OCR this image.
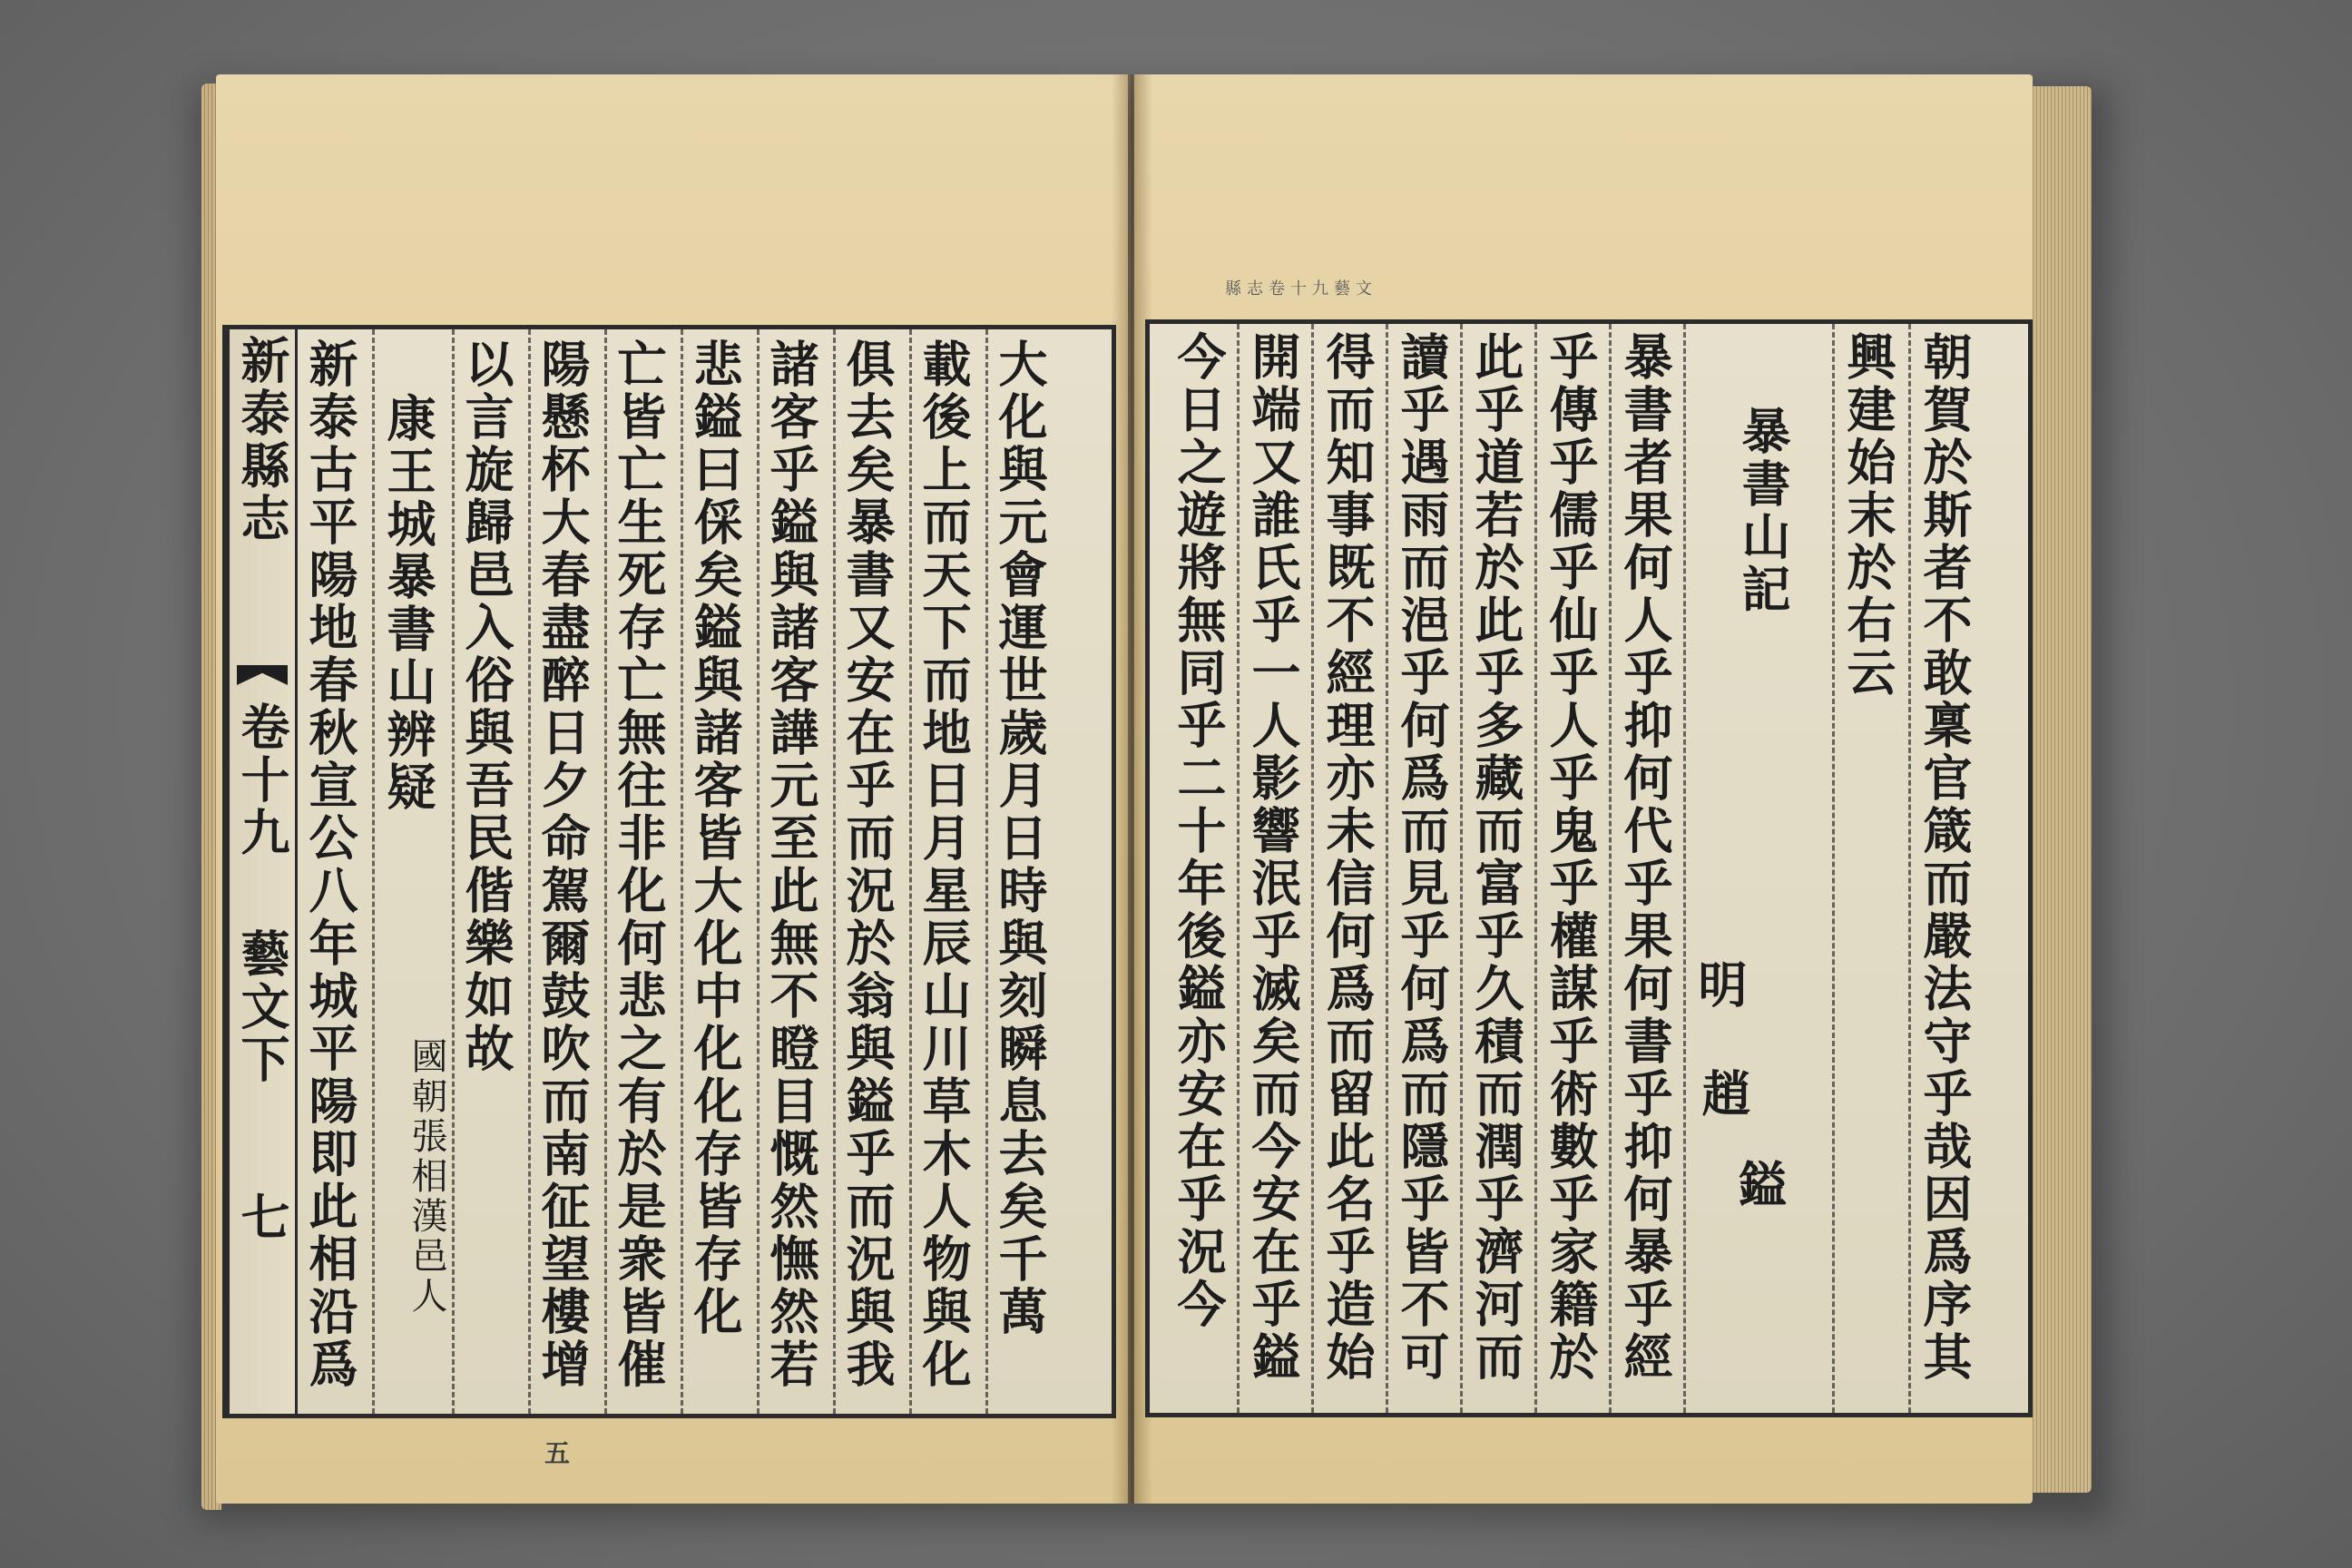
新泰縣志
卷十九
藝文下
七 新泰古平陽地春秋宣公八年城平陽即此相沿爲 康王城暴書山辨疑
國朝張相漢邑人
以言旋歸邑入俗與吾民偕樂如故 陽懸杯大春盡醉日夕命駕爾鼓吹而南征望樓增 亡皆亡生死存亡無往非化何悲之有於是衆皆催 悲鎰曰倸矣鎰與諸客皆大化中化化存皆存化 諸客乎鎰與諸客譁元至此無不瞪目慨然憮然若 俱去矣暴書又安在乎而況於翁與鎰乎而況與我 載後上而天下而地日月星辰山川草木人物與化 大化與元會運世歲月日時與刻瞬息去矣千萬
五
今日之遊將無同乎二十年後鎰亦安在乎況今 開端又誰氏乎一人影響泯乎滅矣而今安在乎鎰 得而知事既不經理亦未信何爲而留此名乎造始 讀乎遇雨而浥乎何爲而見乎何爲而隱乎皆不可 此乎道若於此乎多藏而富乎久積而潤乎濟河而 乎傳乎儒乎仙乎人乎鬼乎權謀乎術數乎家籍於 暴書者果何人乎抑何代乎果何書乎抑何暴乎經 明
趙
鎰
暴書山記 興建始末於右云 朝賀於斯者不敢稟官箴而嚴法守乎哉因爲序其
縣志卷十九藝文
